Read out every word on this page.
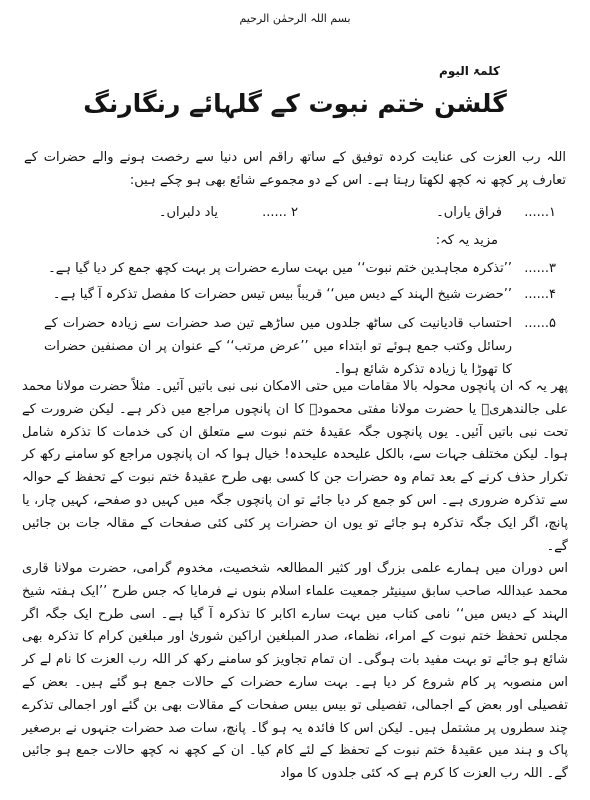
بسم اللہ الرحمٰن الرحیم
کلمۃ الیوم
گلشن ختم نبوت کے گلہائے رنگارنگ
اللہ رب العزت کی عنایت کردہ توفیق کے ساتھ راقم اس دنیا سے رخصت ہونے والے حضرات کے تعارف پر کچھ نہ کچھ لکھتا رہتا ہے۔ اس کے دو مجموعے شائع بھی ہو چکے ہیں:
۱......
فراق یاراں۔
۲ ......
یاد دلبراں۔
مزید یہ کہ:
۳......
’’تذکرہ مجاہدین ختم نبوت‘‘ میں بہت سارے حضرات پر بہت کچھ جمع کر دیا گیا ہے۔
۴......
’’حضرت شیخ الہند کے دیس میں‘‘ قریباً بیس تیس حضرات کا مفصل تذکرہ آ گیا ہے۔
۵......
احتساب قادیانیت کی ساٹھ جلدوں میں ساڑھے تین صد حضرات سے زیادہ حضرات کے رسائل وکتب جمع ہوئے تو ابتداء میں ’’عرض مرتب‘‘ کے عنوان پر ان مصنفین حضرات کا تھوڑا یا زیادہ تذکرہ شائع ہوا۔
پھر یہ کہ ان پانچوں محولہ بالا مقامات میں حتی الامکان نبی نبی باتیں آئیں۔ مثلاً حضرت مولانا محمد علی جالندھریؒ یا حضرت مولانا مفتی محمودؒ کا ان پانچوں مراجع میں ذکر ہے۔ لیکن ضرورت کے تحت نبی باتیں آئیں۔ یوں پانچوں جگہ عقیدۂ ختم نبوت سے متعلق ان کی خدمات کا تذکرہ شامل ہوا۔ لیکن مختلف جہات سے، بالکل علیحدہ علیحدہ! خیال ہوا کہ ان پانچوں مراجع کو سامنے رکھ کر تکرار حذف کرنے کے بعد تمام وہ حضرات جن کا کسی بھی طرح عقیدۂ ختم نبوت کے تحفظ کے حوالہ سے تذکرہ ضروری ہے۔ اس کو جمع کر دیا جائے تو ان پانچوں جگہ میں کہیں دو صفحے، کہیں چار، یا پانچ، اگر ایک جگہ تذکرہ ہو جائے تو یوں ان حضرات پر کئی کئی صفحات کے مقالہ جات بن جائیں گے۔
اس دوران میں ہمارے علمی بزرگ اور کثیر المطالعہ شخصیت، مخدوم گرامی، حضرت مولانا قاری محمد عبداللہ صاحب سابق سینیٹر جمعیت علماء اسلام بنوں نے فرمایا کہ جس طرح ’’ایک ہفتہ شیخ الہند کے دیس میں‘‘ نامی کتاب میں بہت سارے اکابر کا تذکرہ آ گیا ہے۔ اسی طرح ایک جگہ اگر مجلس تحفظ ختم نبوت کے امراء، نظماء، صدر المبلغین اراکین شوریٰ اور مبلغین کرام کا تذکرہ بھی شائع ہو جائے تو بہت مفید بات ہوگی۔ ان تمام تجاویز کو سامنے رکھ کر اللہ رب العزت کا نام لے کر اس منصوبہ پر کام شروع کر دیا ہے۔ بہت سارے حضرات کے حالات جمع ہو گئے ہیں۔ بعض کے تفصیلی اور بعض کے اجمالی، تفصیلی تو بیس بیس صفحات کے مقالات بھی بن گئے اور اجمالی تذکرے چند سطروں پر مشتمل ہیں۔ لیکن اس کا فائدہ یہ ہو گا۔ پانچ، سات صد حضرات جنہوں نے برصغیر پاک و ہند میں عقیدۂ ختم نبوت کے تحفظ کے لئے کام کیا۔ ان کے کچھ نہ کچھ حالات جمع ہو جائیں گے۔ اللہ رب العزت کا کرم ہے کہ کئی جلدوں کا مواد
